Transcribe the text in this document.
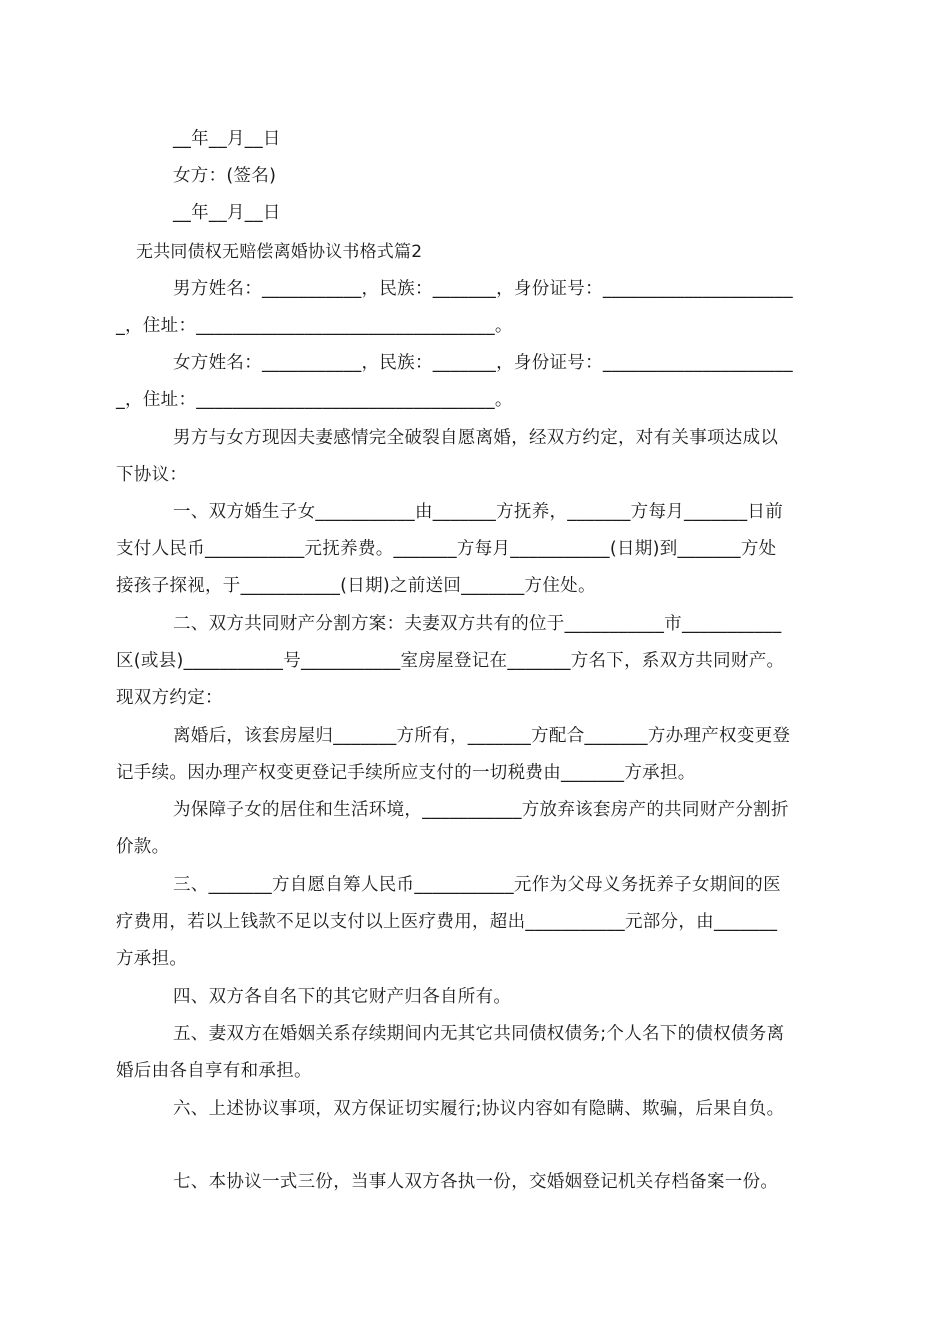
__年__月__日
女方：(签名)
__年__月__日
无共同债权无赔偿离婚协议书格式篇2
男方姓名：___________，民族：_______，身份证号：_____________________
_，住址：_________________________________。
女方姓名：___________，民族：_______，身份证号：_____________________
_，住址：_________________________________。
男方与女方现因夫妻感情完全破裂自愿离婚，经双方约定，对有关事项达成以
下协议：
一、双方婚生子女___________由_______方抚养，_______方每月_______日前
支付人民币___________元抚养费。_______方每月___________(日期)到_______方处
接孩子探视，于___________(日期)之前送回_______方住处。
二、双方共同财产分割方案：夫妻双方共有的位于___________市___________
区(或县)___________号___________室房屋登记在_______方名下，系双方共同财产。
现双方约定：
离婚后，该套房屋归_______方所有，_______方配合_______方办理产权变更登
记手续。因办理产权变更登记手续所应支付的一切税费由_______方承担。
为保障子女的居住和生活环境，___________方放弃该套房产的共同财产分割折
价款。
三、_______方自愿自筹人民币___________元作为父母义务抚养子女期间的医
疗费用，若以上钱款不足以支付以上医疗费用，超出___________元部分，由_______
方承担。
四、双方各自名下的其它财产归各自所有。
五、妻双方在婚姻关系存续期间内无其它共同债权债务;个人名下的债权债务离
婚后由各自享有和承担。
六、上述协议事项，双方保证切实履行;协议内容如有隐瞒、欺骗，后果自负。
七、本协议一式三份，当事人双方各执一份，交婚姻登记机关存档备案一份。
